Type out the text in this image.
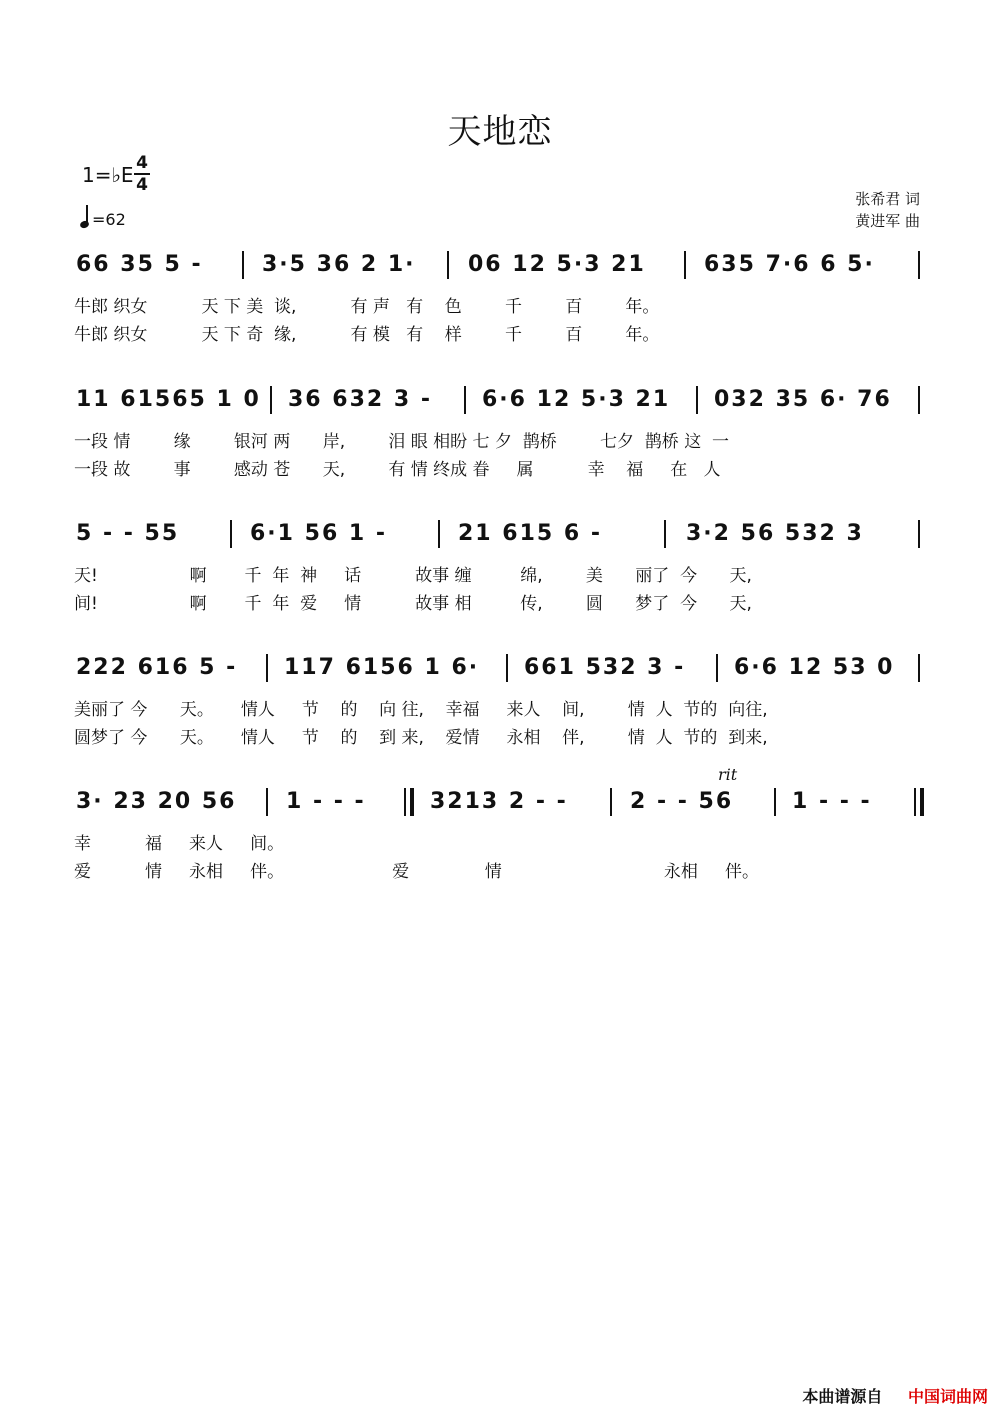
天地恋
1=♭E 4
4
=62
张希君 词
黄进军 曲

66 35 5 -

	3·5 36 2 1·

06 12 5·3 21

	635 7·6 6 5·

牛郎 织女          天 下 美  谈,          有 声   有    色        千        百        年。
牛郎 织女          天 下 奇  缘,          有 模   有    样        千        百        年。

11 61565 1 0

36 632 3 -

6·6 12 5·3 21

032 35 6· 76

一段 情        缘        银河 两      岸,        泪 眼 相盼 七 夕  鹊桥        七夕  鹊桥 这  一
一段 故        事        感动 苍      天,        有 情 终成 眷     属          幸    福     在   人

5 - - 55

	6·1 56 1 -

	21 615 6 -

	3·2 56 532 3

天!                 啊       千  年  神     话          故事 缠         绵,        美      丽了  今      天,
间!                 啊       千  年  爱     情          故事 相         传,        圆      梦了  今      天,

222 616 5 -

117 6156 1 6·

661 532 3 -

6·6 12 53 0

美丽了 今      天。     情人     节    的    向 往,    幸福     来人    间,        情  人  节的  向往,
圆梦了 今      天。     情人     节    的    到 来,    爱情     永相    伴,        情  人  节的  到来,
rit

3· 23 20 56

1 - - -

	3213 2 - -

	2 - - 56

	1 - - -

幸          福     来人     间。
爱          情     永相     伴。                    爱              情                              永相     伴。
本曲谱源自 中国词曲网
